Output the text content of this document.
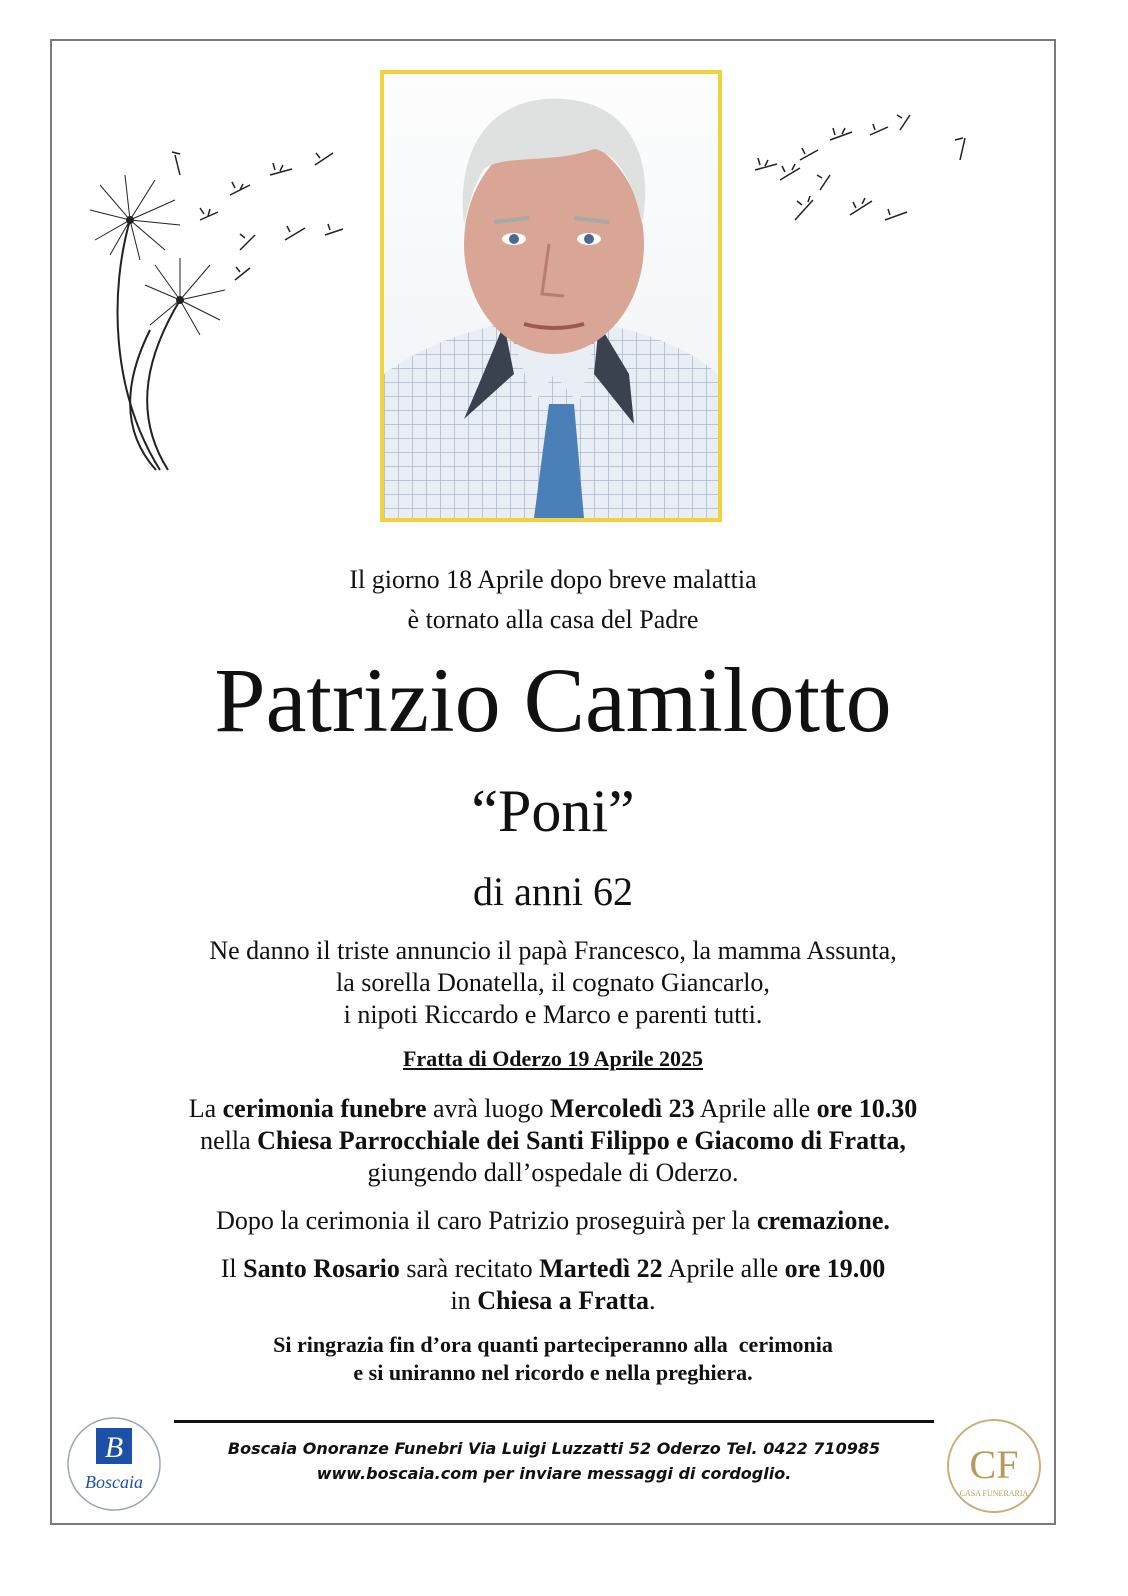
Il giorno 18 Aprile dopo breve malattia
è tornato alla casa del Padre
Patrizio Camilotto
“Poni”
di anni 62
Ne danno il triste annuncio il papà Francesco, la mamma Assunta,
la sorella Donatella, il cognato Giancarlo,
i nipoti Riccardo e Marco e parenti tutti.
Fratta di Oderzo 19 Aprile 2025
La cerimonia funebre avrà luogo Mercoledì 23 Aprile alle ore 10.30
nella Chiesa Parrocchiale dei Santi Filippo e Giacomo di Fratta,
giungendo dall’ospedale di Oderzo.
Dopo la cerimonia il caro Patrizio proseguirà per la cremazione.
Il Santo Rosario sarà recitato Martedì 22 Aprile alle ore 19.00
in Chiesa a Fratta.
Si ringrazia fin d’ora quanti parteciperanno alla  cerimonia
e si uniranno nel ricordo e nella preghiera.
Boscaia Onoranze Funebri Via Luigi Luzzatti 52 Oderzo Tel. 0422 710985
www.boscaia.com per inviare messaggi di cordoglio.
B
Boscaia	CF
CASA FUNERARIA
